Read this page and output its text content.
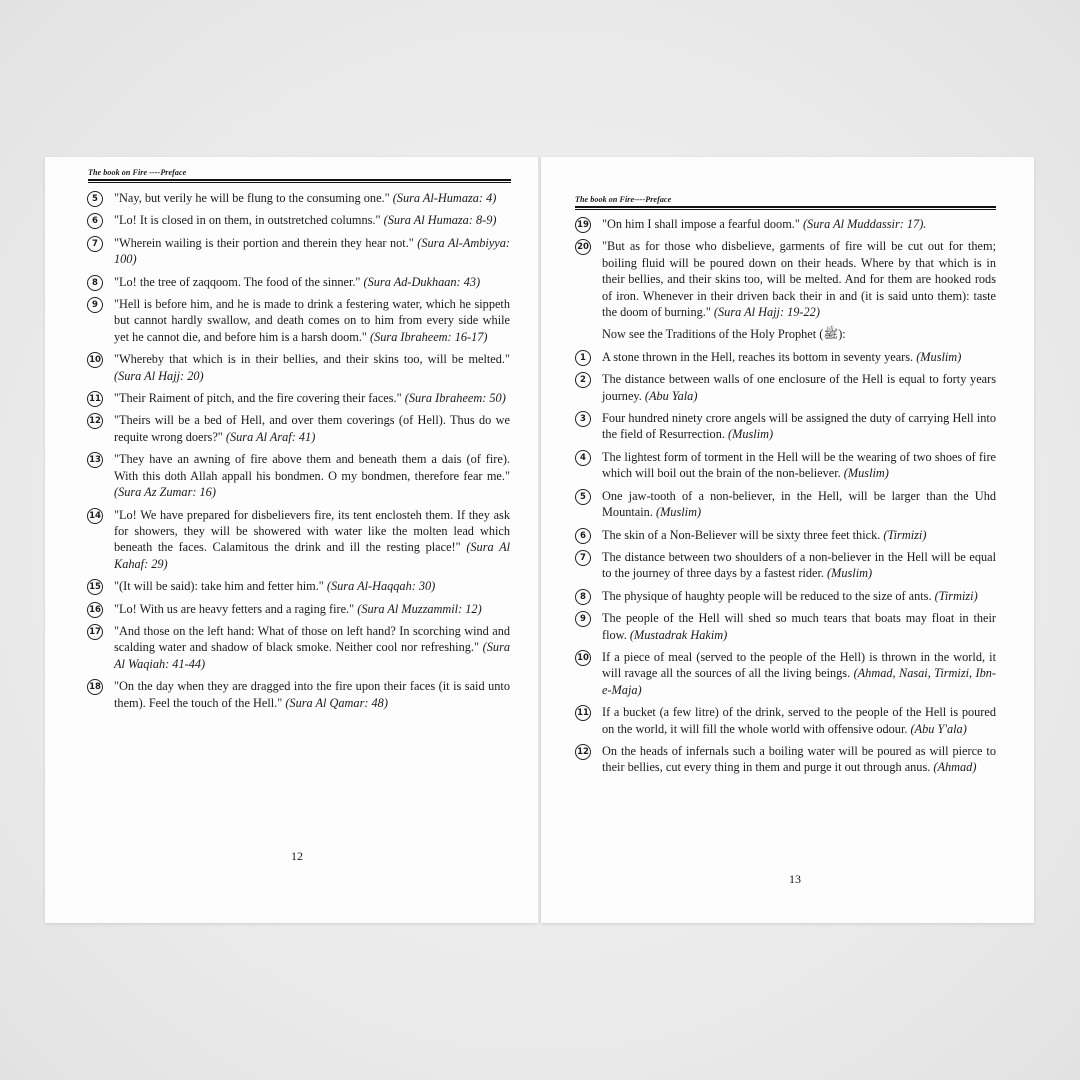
The book on Fire ----Preface
5	"Nay, but verily he will be flung to the consuming one." (Sura Al-Humaza: 4)
6	"Lo! It is closed in on them, in outstretched columns." (Sura Al Humaza: 8-9)
7	"Wherein wailing is their portion and therein they hear not." (Sura Al-Ambiyya: 100)
8	"Lo! the tree of zaqqoom. The food of the sinner." (Sura Ad-Dukhaan: 43)
9	"Hell is before him, and he is made to drink a festering water, which he sippeth but cannot hardly swallow, and death comes on to him from every side while yet he cannot die, and before him is a harsh doom." (Sura Ibraheem: 16-17)
10 "Whereby that which is in their bellies, and their skins too, will be melted." (Sura Al Hajj: 20)
11 "Their Raiment of pitch, and the fire covering their faces." (Sura Ibraheem: 50)
12 "Theirs will be a bed of Hell, and over them coverings (of Hell). Thus do we requite wrong doers?" (Sura Al Araf: 41)
13 "They have an awning of fire above them and beneath them a dais (of fire). With this doth Allah appall his bondmen. O my bondmen, therefore fear me." (Sura Az Zumar: 16)
14 "Lo! We have prepared for disbelievers fire, its tent enclosteh them. If they ask for showers, they will be showered with water like the molten lead which beneath the faces. Calamitous the drink and ill the resting place!" (Sura Al Kahaf: 29)
15 "(It will be said): take him and fetter him." (Sura Al-Haqqah: 30)
16 "Lo! With us are heavy fetters and a raging fire." (Sura Al Muzzammil: 12)
17 "And those on the left hand: What of those on left hand? In scorching wind and scalding water and shadow of black smoke. Neither cool nor refreshing." (Sura Al Waqiah: 41-44)
18 "On the day when they are dragged into the fire upon their faces (it is said unto them). Feel the touch of the Hell." (Sura Al Qamar: 48)
12
The book on Fire----Preface
19 "On him I shall impose a fearful doom." (Sura Al Muddassir: 17).
20 "But as for those who disbelieve, garments of fire will be cut out for them; boiling fluid will be poured down on their heads. Where by that which is in their bellies, and their skins too, will be melted. And for them are hooked rods of iron. Whenever in their driven back their in and (it is said unto them): taste the doom of burning." (Sura Al Hajj: 19-22)
Now see the Traditions of the Holy Prophet (ﷺ):
1	A stone thrown in the Hell, reaches its bottom in seventy years. (Muslim)
2	The distance between walls of one enclosure of the Hell is equal to forty years journey. (Abu Yala)
3	Four hundred ninety crore angels will be assigned the duty of carrying Hell into the field of Resurrection. (Muslim)
4	The lightest form of torment in the Hell will be the wearing of two shoes of fire which will boil out the brain of the non-believer. (Muslim)
5	One jaw-tooth of a non-believer, in the Hell, will be larger than the Uhd Mountain. (Muslim)
6	The skin of a Non-Believer will be sixty three feet thick. (Tirmizi)
7	The distance between two shoulders of a non-believer in the Hell will be equal to the journey of three days by a fastest rider. (Muslim)
8	The physique of haughty people will be reduced to the size of ants. (Tirmizi)
9	The people of the Hell will shed so much tears that boats may float in their flow. (Mustadrak Hakim)
10 If a piece of meal (served to the people of the Hell) is thrown in the world, it will ravage all the sources of all the living beings. (Ahmad, Nasai, Tirmizi, Ibn-e-Maja)
11 If a bucket (a few litre) of the drink, served to the people of the Hell is poured on the world, it will fill the whole world with offensive odour. (Abu Y'ala)
12 On the heads of infernals such a boiling water will be poured as will pierce to their bellies, cut every thing in them and purge it out through anus. (Ahmad)
13
